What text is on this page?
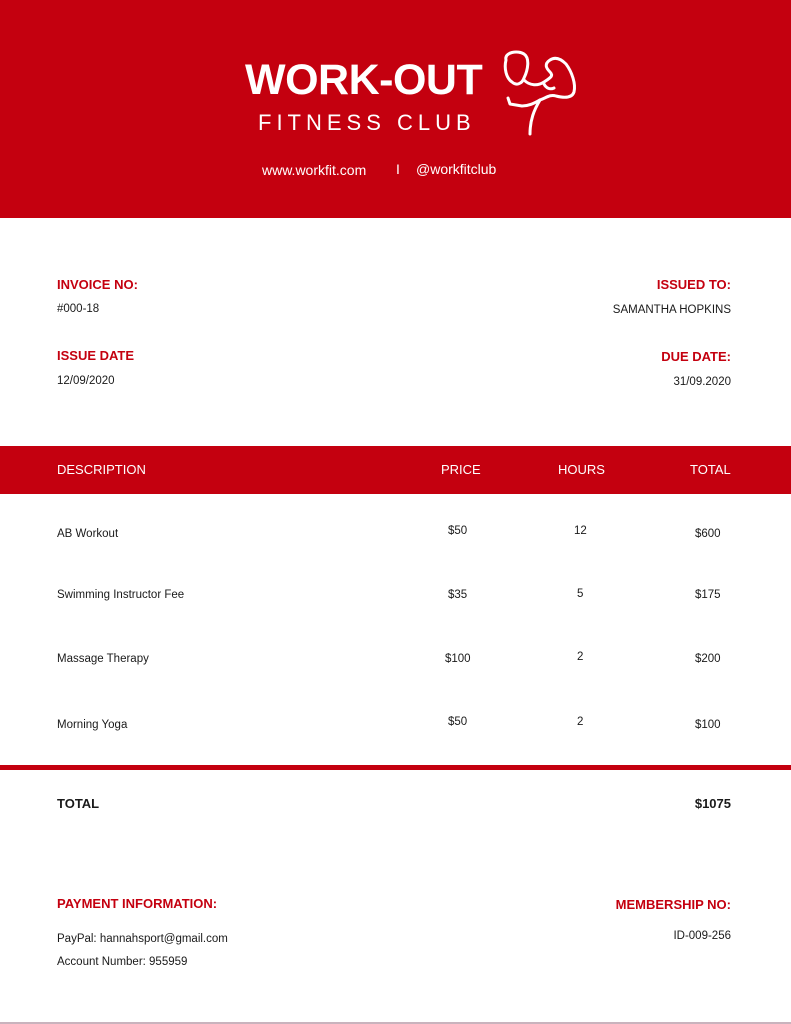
WORK-OUT
FITNESS CLUB
www.workfit.com I @workfitclub
INVOICE NO:
#000-18
ISSUE DATE
12/09/2020
ISSUED TO:
SAMANTHA HOPKINS
DUE DATE:
31/09.2020
DESCRIPTION	PRICE	HOURS	TOTAL
AB Workout	$50	12	$600
Swimming Instructor Fee	$35	5	$175
Massage Therapy	$100	2	$200
Morning Yoga	$50	2	$100
TOTAL	$1075
PAYMENT INFORMATION:
PayPal: hannahsport@gmail.com
Account Number: 955959
MEMBERSHIP NO:
ID-009-256
